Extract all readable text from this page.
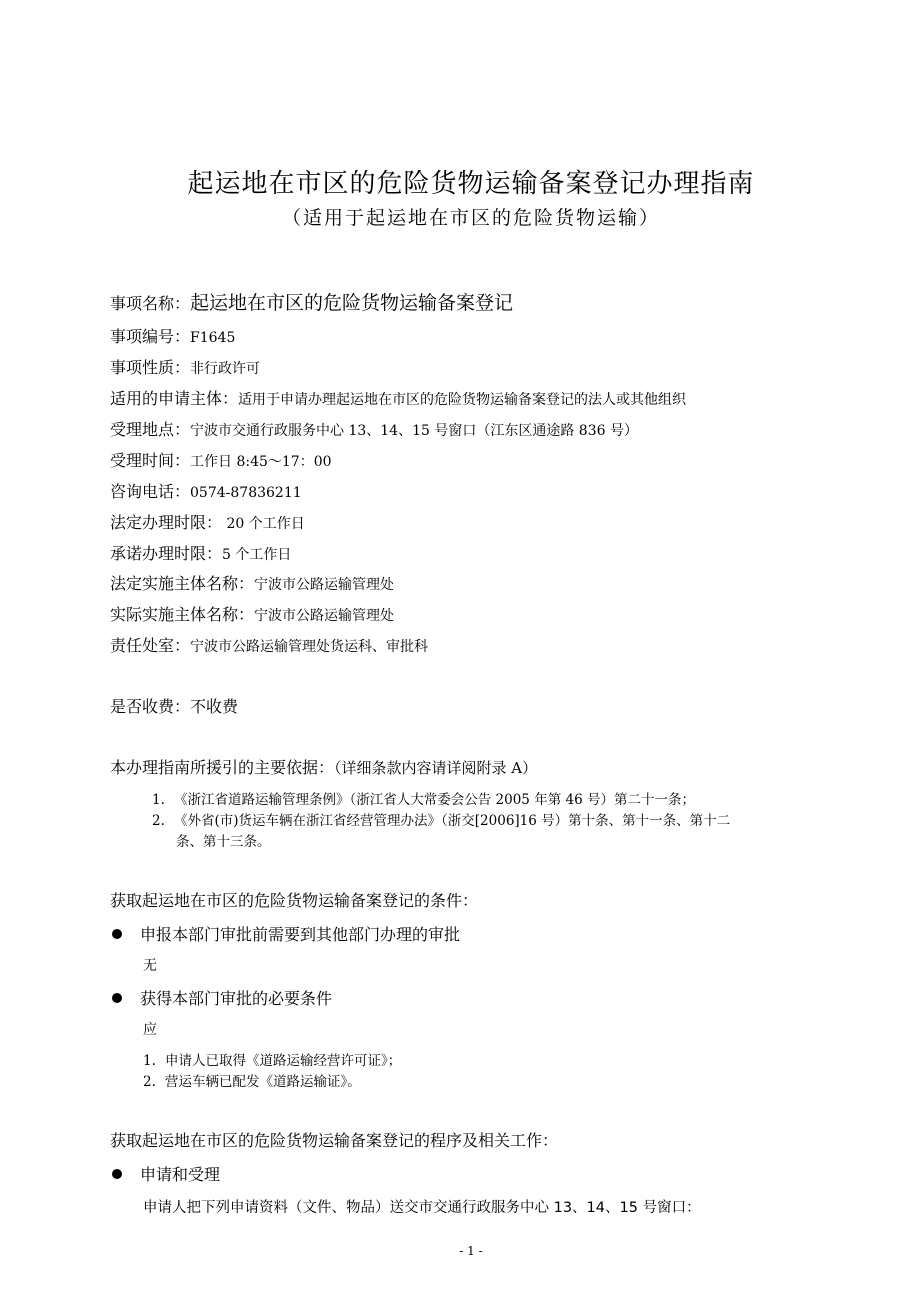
起运地在市区的危险货物运输备案登记办理指南
（适用于起运地在市区的危险货物运输）
事项名称：起运地在市区的危险货物运输备案登记
事项编号：F1645
事项性质：非行政许可
适用的申请主体：适用于申请办理起运地在市区的危险货物运输备案登记的法人或其他组织
受理地点：宁波市交通行政服务中心 13、14、15 号窗口（江东区通途路 836 号）
受理时间：工作日 8:45～17：00
咨询电话：0574-87836211
法定办理时限： 20 个工作日
承诺办理时限：5 个工作日
法定实施主体名称：宁波市公路运输管理处
实际实施主体名称：宁波市公路运输管理处
责任处室：宁波市公路运输管理处货运科、审批科
是否收费：不收费
本办理指南所援引的主要依据：（详细条款内容请详阅附录 A）
1. 《浙江省道路运输管理条例》（浙江省人大常委会公告 2005 年第 46 号）第二十一条；
2. 《外省(市)货运车辆在浙江省经营管理办法》（浙交[2006]16 号）第十条、第十一条、第十二
条、第十三条。
获取起运地在市区的危险货物运输备案登记的条件：
申报本部门审批前需要到其他部门办理的审批
无
获得本部门审批的必要条件
应
1. 申请人已取得《道路运输经营许可证》；
2. 营运车辆已配发《道路运输证》。
获取起运地在市区的危险货物运输备案登记的程序及相关工作：
申请和受理
申请人把下列申请资料（文件、物品）送交市交通行政服务中心 13、14、15 号窗口：
- 1 -
